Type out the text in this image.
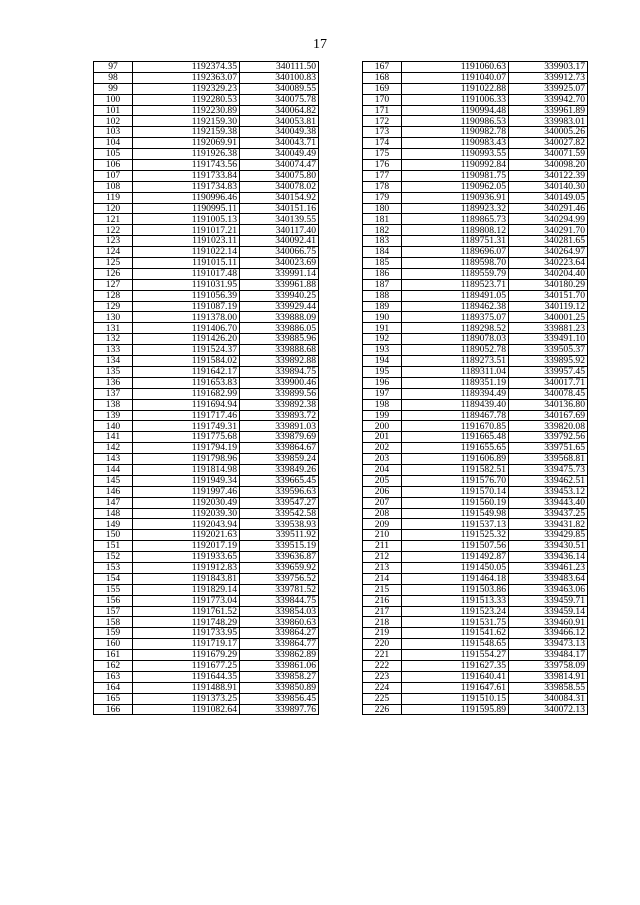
17
97	1192374.35	340111.50
98	1192363.07	340100.83
99	1192329.23	340089.55
100	1192280.53	340075.78
101	1192230.89	340064.82
102	1192159.30	340053.81
103	1192159.38	340049.38
104	1192069.91	340043.71
105	1191926.38	340049.49
106	1191743.56	340074.47
107	1191733.84	340075.80
108	1191734.83	340078.02
119	1190996.46	340154.92
120	1190995.11	340151.16
121	1191005.13	340139.55
122	1191017.21	340117.40
123	1191023.11	340092.41
124	1191022.14	340066.75
125	1191015.11	340023.69
126	1191017.48	339991.14
127	1191031.95	339961.88
128	1191056.39	339940.25
129	1191087.19	339929.44
130	1191378.00	339888.09
131	1191406.70	339886.05
132	1191426.20	339885.96
133	1191524.37	339888.68
134	1191584.02	339892.88
135	1191642.17	339894.75
136	1191653.83	339900.46
137	1191682.99	339899.56
138	1191694.94	339892.38
139	1191717.46	339893.72
140	1191749.31	339891.03
141	1191775.68	339879.69
142	1191794.19	339864.67
143	1191798.96	339859.24
144	1191814.98	339849.26
145	1191949.34	339665.45
146	1191997.46	339596.63
147	1192030.49	339547.27
148	1192039.30	339542.58
149	1192043.94	339538.93
150	1192021.63	339511.92
151	1192017.19	339515.19
152	1191933.65	339636.87
153	1191912.83	339659.92
154	1191843.81	339756.52
155	1191829.14	339781.52
156	1191773.04	339844.75
157	1191761.52	339854.03
158	1191748.29	339860.63
159	1191733.95	339864.27
160	1191719.17	339864.77
161	1191679.29	339862.89
162	1191677.25	339861.06
163	1191644.35	339858.27
164	1191488.91	339850.89
165	1191373.25	339856.45
166	1191082.64	339897.76
167	1191060.63	339903.17
168	1191040.07	339912.73
169	1191022.88	339925.07
170	1191006.33	339942.70
171	1190994.48	339961.89
172	1190986.53	339983.01
173	1190982.78	340005.26
174	1190983.43	340027.82
175	1190993.55	340071.59
176	1190992.84	340098.20
177	1190981.75	340122.39
178	1190962.05	340140.30
179	1190936.91	340149.05
180	1189923.32	340291.46
181	1189865.73	340294.99
182	1189808.12	340291.70
183	1189751.31	340281.65
184	1189696.07	340264.97
185	1189598.70	340223.64
186	1189559.79	340204.40
187	1189523.71	340180.29
188	1189491.05	340151.70
189	1189462.38	340119.12
190	1189375.07	340001.25
191	1189298.52	339881.23
192	1189078.03	339491.10
193	1189052.78	339505.37
194	1189273.51	339895.92
195	1189311.04	339957.45
196	1189351.19	340017.71
197	1189394.49	340078.45
198	1189439.40	340136.80
199	1189467.78	340167.69
200	1191670.85	339820.08
201	1191665.48	339792.56
202	1191655.65	339751.65
203	1191606.89	339568.81
204	1191582.51	339475.73
205	1191576.70	339462.51
206	1191570.14	339453.12
207	1191560.19	339443.40
208	1191549.98	339437.25
209	1191537.13	339431.82
210	1191525.32	339429.85
211	1191507.56	339430.51
212	1191492.87	339436.14
213	1191450.05	339461.23
214	1191464.18	339483.64
215	1191503.86	339463.06
216	1191513.33	339459.71
217	1191523.24	339459.14
218	1191531.75	339460.91
219	1191541.62	339466.12
220	1191548.65	339473.13
221	1191554.27	339484.17
222	1191627.35	339758.09
223	1191640.41	339814.91
224	1191647.61	339858.55
225	1191510.15	340084.31
226	1191595.89	340072.13
